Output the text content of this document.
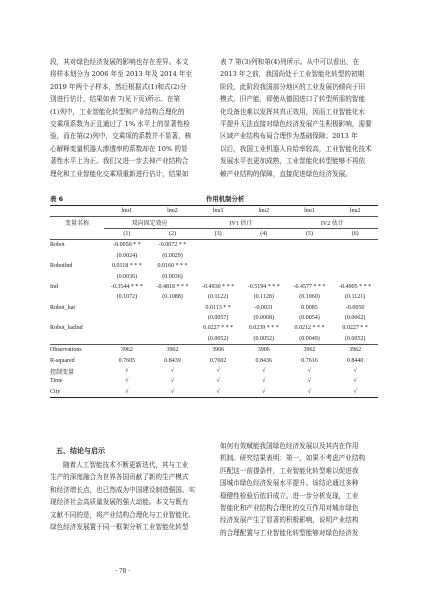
段，其对绿色经济发展的影响也存在差异。本文

将样本划分为 2006 年至 2013 年及 2014 年至

2019 年两个子样本，然后根据式(1)和式(2)分

别进行估计，结果如表 7(见下页)所示。在第

(1)列中，工业智能化转型和产业结构合理化的

交乘项系数为正且通过了 1% 水平上的显著性检

验，而在第(2)列中，交乘项的系数并不显著，核

心解释变量机器人渗透率的系数却在 10% 的显

著性水平上为正。我们又进一步去掉产业结构合

理化和工业智能化交乘项重新进行估计，结果如

表 7 第(3)列和第(4)列所示。从中可以看出，在

2013 年之前，我国尚处于工业智能化转型的初期

阶段，此阶段我国部分地区的工业发展仍倾向于旧

模式、旧产能，即使从德国进口了转型所需的智能

化设备也难以发挥其真正效用，因而工业智能化水

平提升无法直接对绿色经济发展产生积极影响，需要

区域产业结构布局合理作为基础保障；2013 年

以后，我国工业机器人自给率较高，工业智能化技术

发展水平也更加成熟，工业智能化转型能够不再依

赖产业结构的保障，直接促进绿色经济发展。

表 6	作用机制分析
	lnu1	lnu2	lnu1	lnu2	lnu1	lnu2
变量名称	双向固定效应		IV1 估计		IV2 估计	
	(1)	(2)	(3)	(4)	(5)	(6)
Robot	-0.0050 * *	-0.0072 * *				
	(0.0024)	(0.0029)				
Robotlnd	0.0118 * * *	0.0160 * * *				
	(0.0036)	(0.0036)				
Ind	-0.3544 * * *	-0.4818 * * *	-0.4930 * * *	-0.5194 * * *	-0.4577 * * *	-0.4905 * * *
	(0.1072)	(0.1088)	(0.1122)	(0.1128)	(0.1060)	(0.1121)
Robot_hat			0.0113 * *	-0.0031	0.0085	-0.0050
			(0.0057)	(0.0068)	(0.0054)	(0.0062)
Robot_hatlnd			0.0227 * * *	0.0239 * * *	0.0212 * * *	0.0227 * *
			(0.0052)	(0.0052)	(0.0049)	(0.0052)
Observations	3962	3962	3906	3906	3962	3962
R-squared	0.7605	0.8439	0.7602	0.8436	0.7616	0.8440
控制变量	√	√	√	√	√	√
Time	√	√	√	√	√	√
City	√	√	√	√	√	√
五、结论与启示

随着人工智能技术不断更新迭代，其与工业

生产的深度融合为世界各国贡献了新的生产模式

和经济增长点，也已然成为中国建设制造强国、实

现经济社会高质量发展的强大动能。本文与既有

文献不同的是，将产业结构合理化与工业智能化、

绿色经济发展置于同一框架分析工业智能化转型

如何有效赋能我国绿色经济发展以及其内在作用

机制。研究结果表明：第一，如果不考虑产业结构

匹配这一前提条件，工业智能化转型难以促进我

国城市绿色经济发展水平提升。该结论通过多种

稳健性检验后依旧成立。进一步分析发现，工业

智能化和产业结构合理化的交互作用对城市绿色

经济发展产生了显著的积极影响，说明产业结构

的合理配置与工业智能化转型能够对绿色经济发

· 78 ·
